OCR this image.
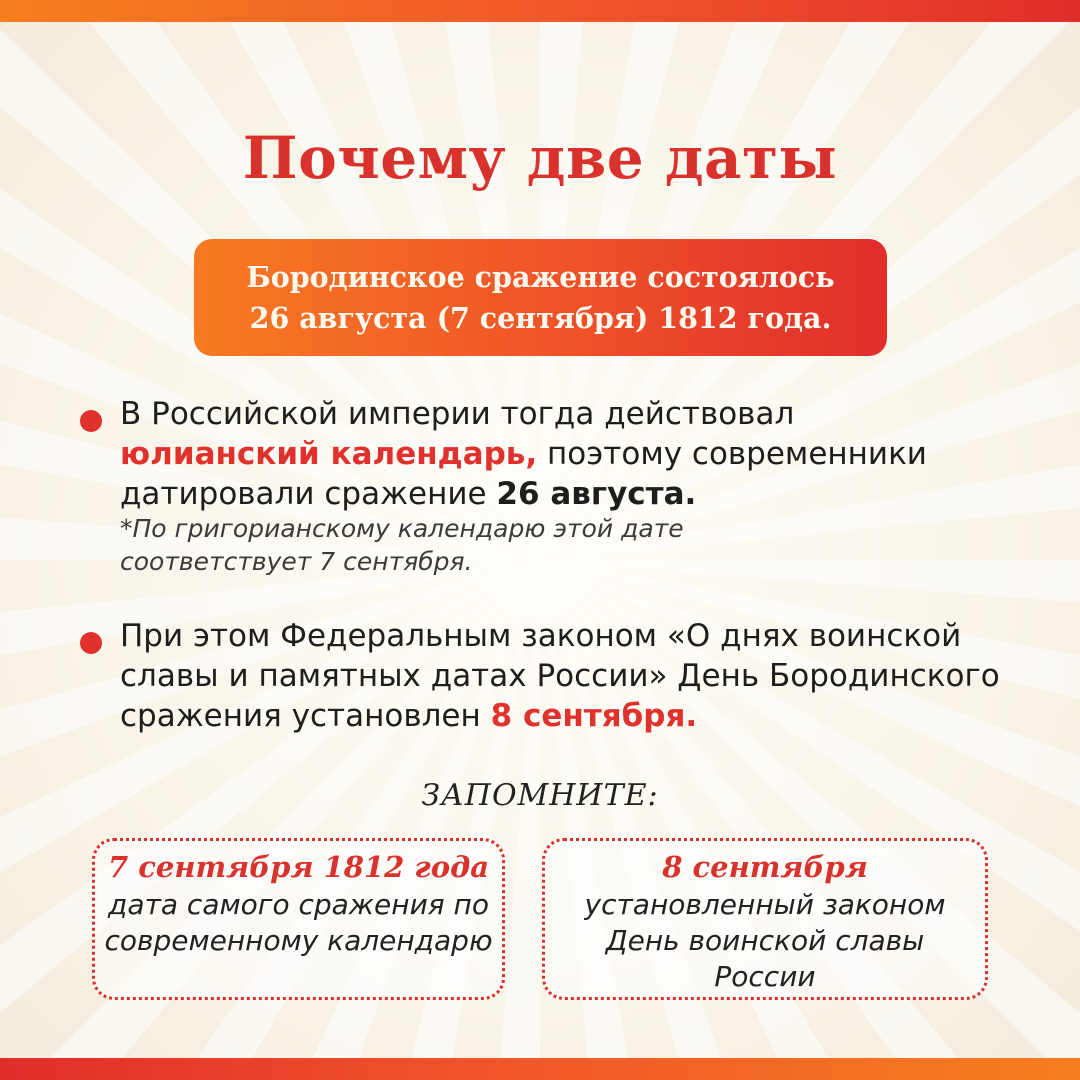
Почему две даты
Бородинское сражение состоялось
26 августа (7 сентября) 1812 года.
В Российской империи тогда действовал юлианский календарь, поэтому современники датировали сражение 26 августа.
*По григорианскому календарю этой дате соответствует 7 сентября.
При этом Федеральным законом «О днях воинской славы и памятных датах России» День Бородинского сражения установлен 8 сентября.
ЗАПОМНИТЕ:
7 сентября 1812 года
дата самого сражения по современному календарю
8 сентября
установленный законом День воинской славы России
